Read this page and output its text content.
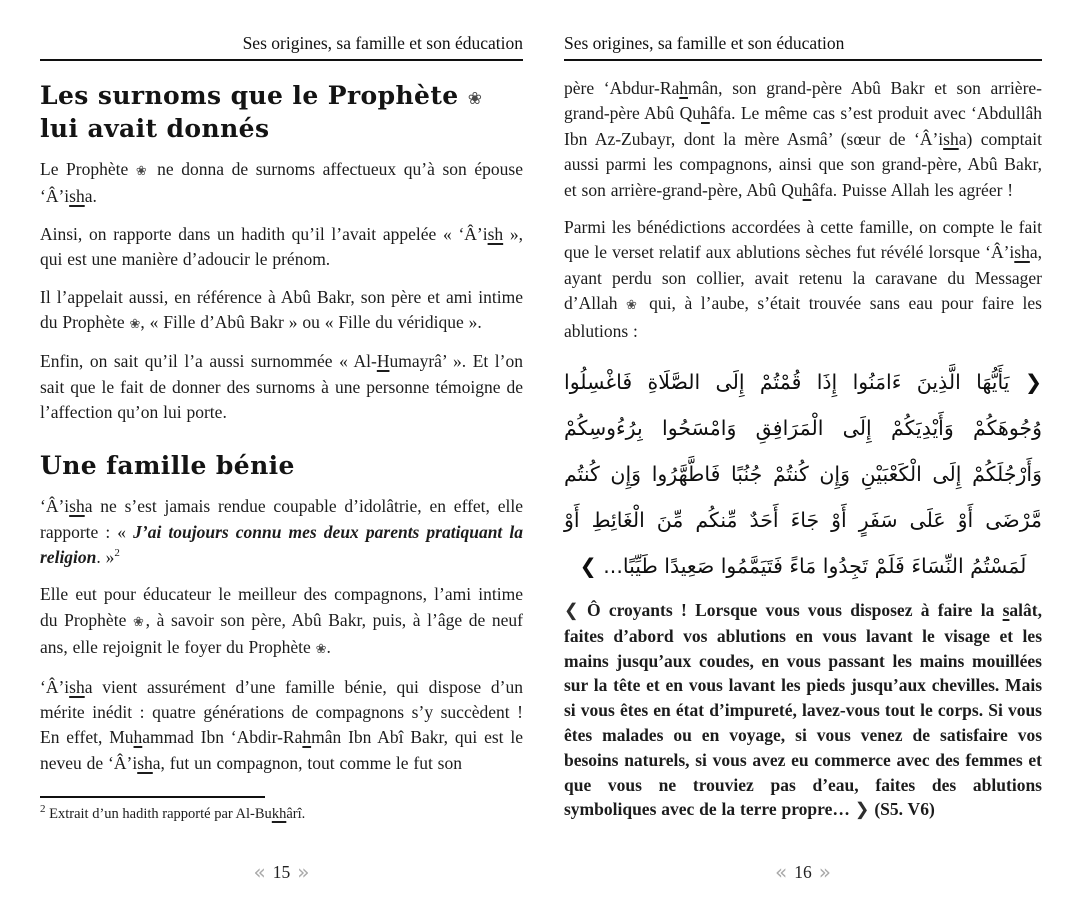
Ses origines, sa famille et son éducation
Les surnoms que le Prophète ❀ lui avait donnés

Le Prophète ❀ ne donna de surnoms affectueux qu’à son épouse ‘Â’isha.

Ainsi, on rapporte dans un hadith qu’il l’avait appelée « ‘Â’ish », qui est une manière d’adoucir le prénom.

Il l’appelait aussi, en référence à Abû Bakr, son père et ami intime du Prophète ❀, « Fille d’Abû Bakr » ou « Fille du véridique ».

Enfin, on sait qu’il l’a aussi surnommée « Al-Humayrâ’ ». Et l’on sait que le fait de donner des surnoms à une personne témoigne de l’affection qu’on lui porte.

Une famille bénie

‘Â’isha ne s’est jamais rendue coupable d’idolâtrie, en effet, elle rapporte : « J’ai toujours connu mes deux parents pratiquant la religion. »$^2$

Elle eut pour éducateur le meilleur des compagnons, l’ami intime du Prophète ❀, à savoir son père, Abû Bakr, puis, à l’âge de neuf ans, elle rejoignit le foyer du Prophète ❀.

‘Â’isha vient assurément d’une famille bénie, qui dispose d’un mérite inédit : quatre générations de compagnons s’y succèdent ! En effet, Muhammad Ibn ‘Abdir-Rahmân Ibn Abî Bakr, qui est le neveu de ‘Â’isha, fut un compagnon, tout comme le fut son

$^2$ Extrait d’un hadith rapporté par Al-Bukhârî.

« 15 »
Ses origines, sa famille et son éducation

père ‘Abdur-Rahmân, son grand-père Abû Bakr et son arrière-grand-père Abû Quhâfa. Le même cas s’est produit avec ‘Abdullâh Ibn Az-Zubayr, dont la mère Asmâ’ (sœur de ‘Â’isha) comptait aussi parmi les compagnons, ainsi que son grand-père, Abû Bakr, et son arrière-grand-père, Abû Quhâfa. Puisse Allah les agréer !

Parmi les bénédictions accordées à cette famille, on compte le fait que le verset relatif aux ablutions sèches fut révélé lorsque ‘Â’isha, ayant perdu son collier, avait retenu la caravane du Messager d’Allah ❀ qui, à l’aube, s’était trouvée sans eau pour faire les ablutions :

❮ يَأَيُّهَا الَّذِينَ ءَامَنُوا إِذَا قُمْتُمْ إِلَى الصَّلَاةِ فَاغْسِلُوا وُجُوهَكُمْ وَأَيْدِيَكُمْ إِلَى الْمَرَافِقِ وَامْسَحُوا بِرُءُوسِكُمْ وَأَرْجُلَكُمْ إِلَى الْكَعْبَيْنِ وَإِن كُنتُمْ جُنُبًا فَاطَّهَّرُوا وَإِن كُنتُم مَّرْضَى أَوْ عَلَى سَفَرٍ أَوْ جَاءَ أَحَدٌ مِّنكُم مِّنَ الْغَائِطِ أَوْ لَمَسْتُمُ النِّسَاءَ فَلَمْ تَجِدُوا مَاءً فَتَيَمَّمُوا صَعِيدًا طَيِّبًا... ❯

❮ Ô croyants ! Lorsque vous vous disposez à faire la salât, faites d’abord vos ablutions en vous lavant le visage et les mains jusqu’aux coudes, en vous passant les mains mouillées sur la tête et en vous lavant les pieds jusqu’aux chevilles. Mais si vous êtes en état d’impureté, lavez-vous tout le corps. Si vous êtes malades ou en voyage, si vous venez de satisfaire vos besoins naturels, si vous avez eu commerce avec des femmes et que vous ne trouviez pas d’eau, faites des ablutions symboliques avec de la terre propre… ❯ (S5. V6)

« 16 »
